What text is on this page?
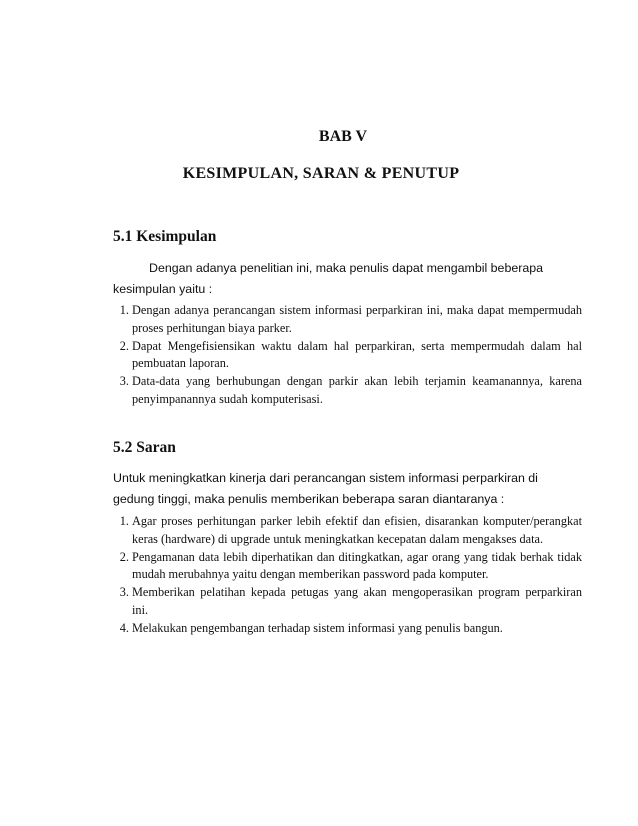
BAB V
KESIMPULAN, SARAN & PENUTUP
5.1 Kesimpulan
Dengan adanya penelitian ini, maka penulis dapat mengambil beberapa kesimpulan yaitu :
1. Dengan adanya perancangan sistem informasi perparkiran ini, maka dapat mempermudah proses perhitungan biaya parker.
2. Dapat Mengefisiensikan waktu dalam hal perparkiran, serta mempermudah dalam hal pembuatan laporan.
3. Data-data yang berhubungan dengan parkir akan lebih terjamin keamanannya, karena penyimpanannya sudah komputerisasi.
5.2 Saran
Untuk meningkatkan kinerja dari perancangan sistem informasi perparkiran di gedung tinggi, maka penulis memberikan beberapa saran diantaranya :
1. Agar proses perhitungan parker lebih efektif dan efisien, disarankan komputer/perangkat keras (hardware) di upgrade untuk meningkatkan kecepatan dalam mengakses data.
2. Pengamanan data lebih diperhatikan dan ditingkatkan, agar orang yang tidak berhak tidak mudah merubahnya yaitu dengan memberikan password pada komputer.
3. Memberikan pelatihan kepada petugas yang akan mengoperasikan program perparkiran ini.
4. Melakukan pengembangan terhadap sistem informasi yang penulis bangun.
